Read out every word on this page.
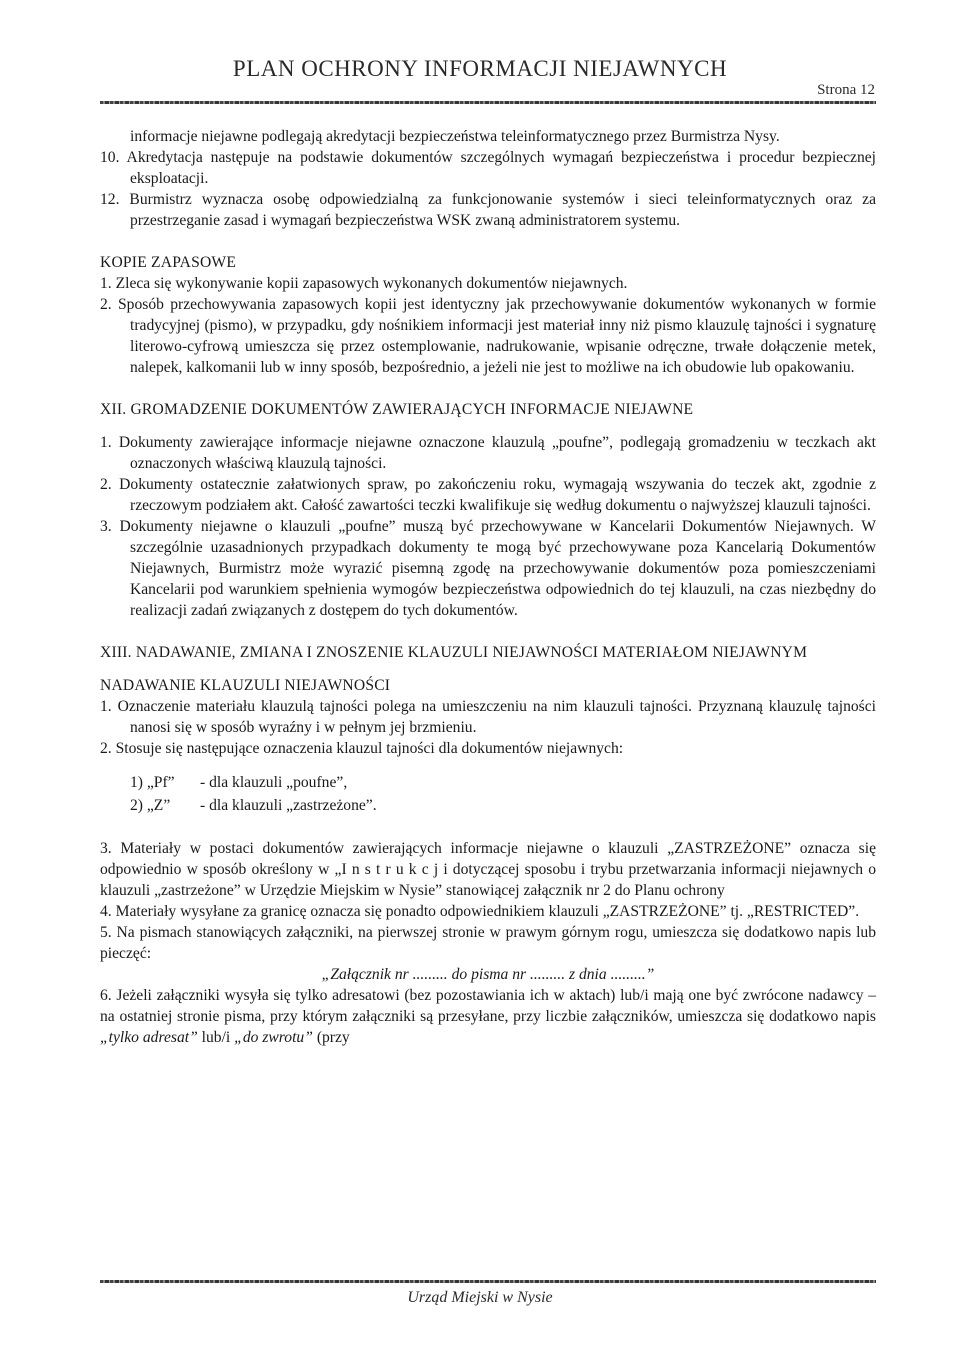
PLAN OCHRONY INFORMACJI NIEJAWNYCH
Strona 12

informacje niejawne podlegają akredytacji bezpieczeństwa teleinformatycznego przez Burmistrza Nysy.

10. Akredytacja następuje na podstawie dokumentów szczególnych wymagań bezpieczeństwa i procedur bezpiecznej eksploatacji.

12. Burmistrz wyznacza osobę odpowiedzialną za funkcjonowanie systemów i sieci teleinformatycznych oraz za przestrzeganie zasad i wymagań bezpieczeństwa WSK zwaną administratorem systemu.

KOPIE ZAPASOWE

1. Zleca się wykonywanie kopii zapasowych wykonanych dokumentów niejawnych.

2. Sposób przechowywania zapasowych kopii jest identyczny jak przechowywanie dokumentów wykonanych w formie tradycyjnej (pismo), w przypadku, gdy nośnikiem informacji jest materiał inny niż pismo klauzulę tajności i sygnaturę literowo-cyfrową umieszcza się przez ostemplowanie, nadrukowanie, wpisanie odręczne, trwałe dołączenie metek, nalepek, kalkomanii lub w inny sposób, bezpośrednio, a jeżeli nie jest to możliwe na ich obudowie lub opakowaniu.

XII. GROMADZENIE DOKUMENTÓW ZAWIERAJĄCYCH INFORMACJE NIEJAWNE

1. Dokumenty zawierające informacje niejawne oznaczone klauzulą „poufne”, podlegają gromadzeniu w teczkach akt oznaczonych właściwą klauzulą tajności.

2. Dokumenty ostatecznie załatwionych spraw, po zakończeniu roku, wymagają wszywania do teczek akt, zgodnie z rzeczowym podziałem akt. Całość zawartości teczki kwalifikuje się według dokumentu o najwyższej klauzuli tajności.

3. Dokumenty niejawne o klauzuli „poufne” muszą być przechowywane w Kancelarii Dokumentów Niejawnych. W szczególnie uzasadnionych przypadkach dokumenty te mogą być przechowywane poza Kancelarią Dokumentów Niejawnych, Burmistrz może wyrazić pisemną zgodę na przechowywanie dokumentów poza pomieszczeniami Kancelarii pod warunkiem spełnienia wymogów bezpieczeństwa odpowiednich do tej klauzuli, na czas niezbędny do realizacji zadań związanych z dostępem do tych dokumentów.

XIII. NADAWANIE, ZMIANA I ZNOSZENIE KLAUZULI NIEJAWNOŚCI MATERIAŁOM NIEJAWNYM

NADAWANIE KLAUZULI NIEJAWNOŚCI

1. Oznaczenie materiału klauzulą tajności polega na umieszczeniu na nim klauzuli tajności. Przyznaną klauzulę tajności nanosi się w sposób wyraźny i w pełnym jej brzmieniu.

2. Stosuje się następujące oznaczenia klauzul tajności dla dokumentów niejawnych:

1) „Pf”	- dla klauzuli „poufne”,
2) „Z”	- dla klauzuli „zastrzeżone”.

3. Materiały w postaci dokumentów zawierających informacje niejawne o klauzuli „ZASTRZEŻONE” oznacza się odpowiednio w sposób określony w „I n s t r u k c j i dotyczącej sposobu i trybu przetwarzania informacji niejawnych o klauzuli „zastrzeżone” w Urzędzie Miejskim w Nysie” stanowiącej załącznik nr 2 do Planu ochrony

4. Materiały wysyłane za granicę oznacza się ponadto odpowiednikiem klauzuli „ZASTRZEŻONE” tj. „RESTRICTED”.

5. Na pismach stanowiących załączniki, na pierwszej stronie w prawym górnym rogu, umieszcza się dodatkowo napis lub pieczęć:

„Załącznik nr ......... do pisma nr ......... z dnia .........”

6. Jeżeli załączniki wysyła się tylko adresatowi (bez pozostawiania ich w aktach) lub/i mają one być zwrócone nadawcy – na ostatniej stronie pisma, przy którym załączniki są przesyłane, przy liczbie załączników, umieszcza się dodatkowo napis „tylko adresat” lub/i „do zwrotu” (przy

Urząd Miejski w Nysie
